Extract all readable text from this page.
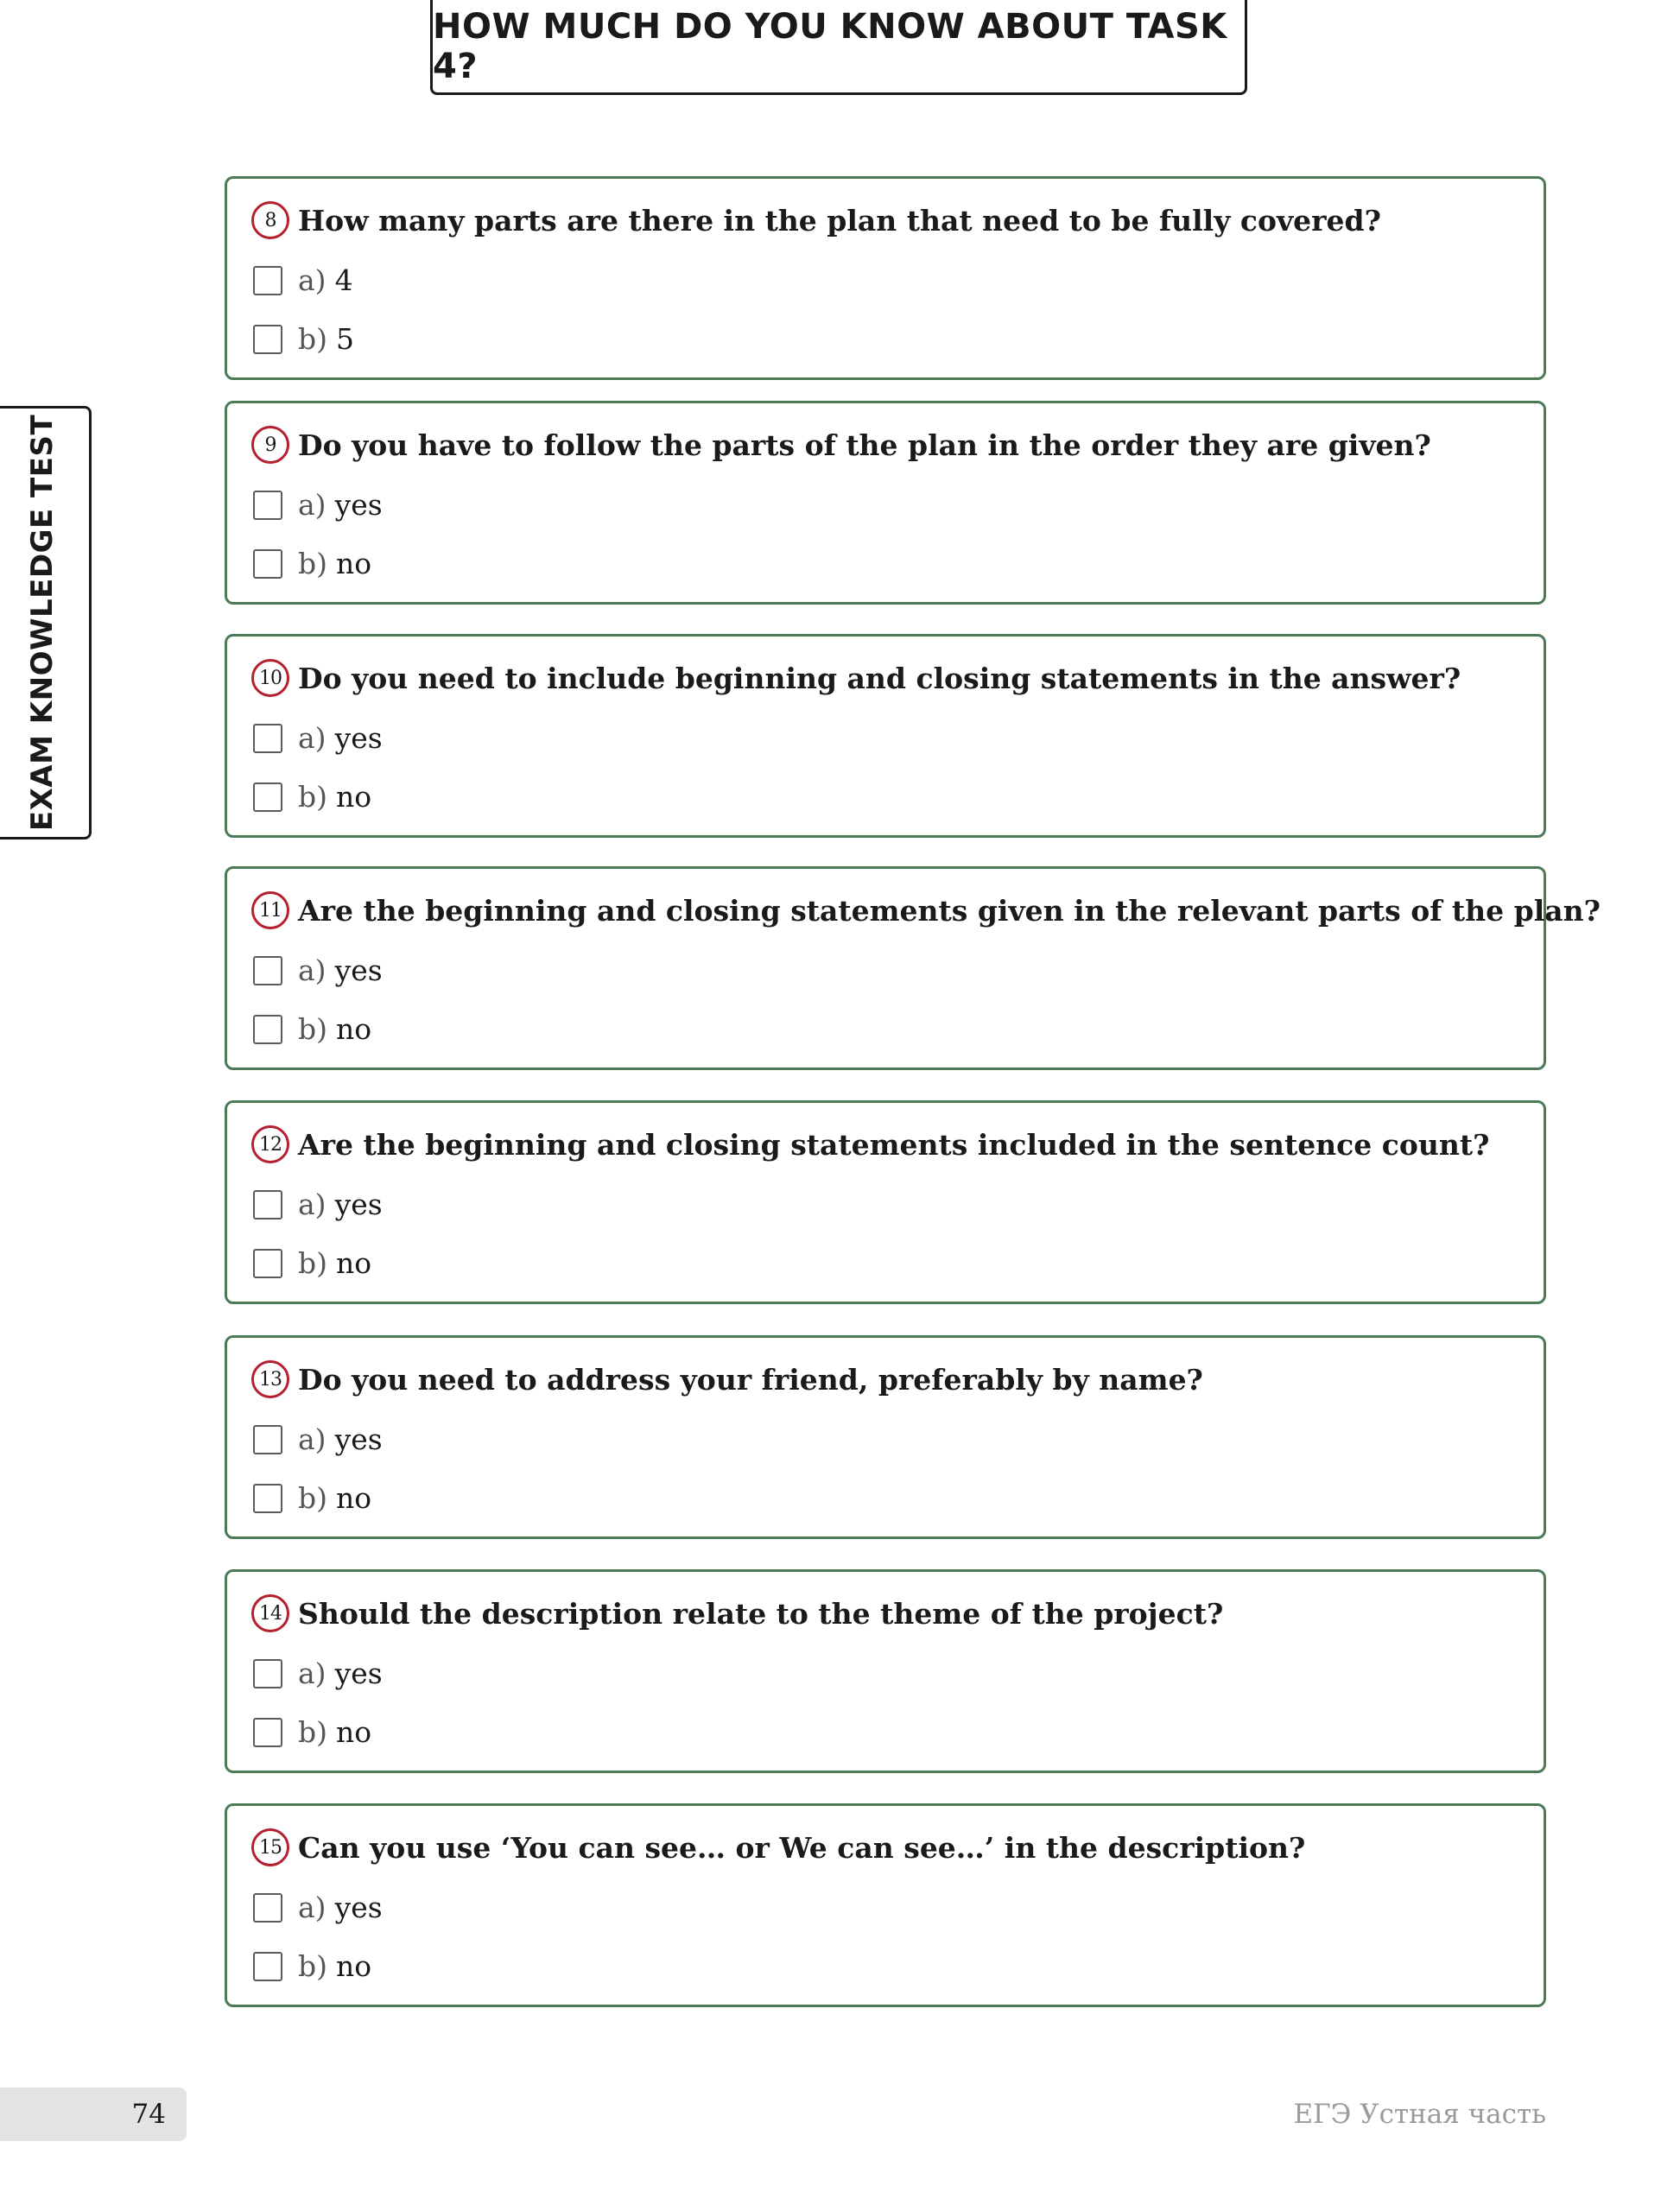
HOW MUCH DO YOU KNOW ABOUT TASK 4?
EXAM KNOWLEDGE TEST
8 How many parts are there in the plan that need to be fully covered?
a) 4
b) 5
9 Do you have to follow the parts of the plan in the order they are given?
a) yes
b) no
10 Do you need to include beginning and closing statements in the answer?
a) yes
b) no
11 Are the beginning and closing statements given in the relevant parts of the plan?
a) yes
b) no
12 Are the beginning and closing statements included in the sentence count?
a) yes
b) no
13 Do you need to address your friend, preferably by name?
a) yes
b) no
14 Should the description relate to the theme of the project?
a) yes
b) no
15 Can you use ‘You can see… or We can see…’ in the description?
a) yes
b) no
74	ЕГЭ Устная часть
